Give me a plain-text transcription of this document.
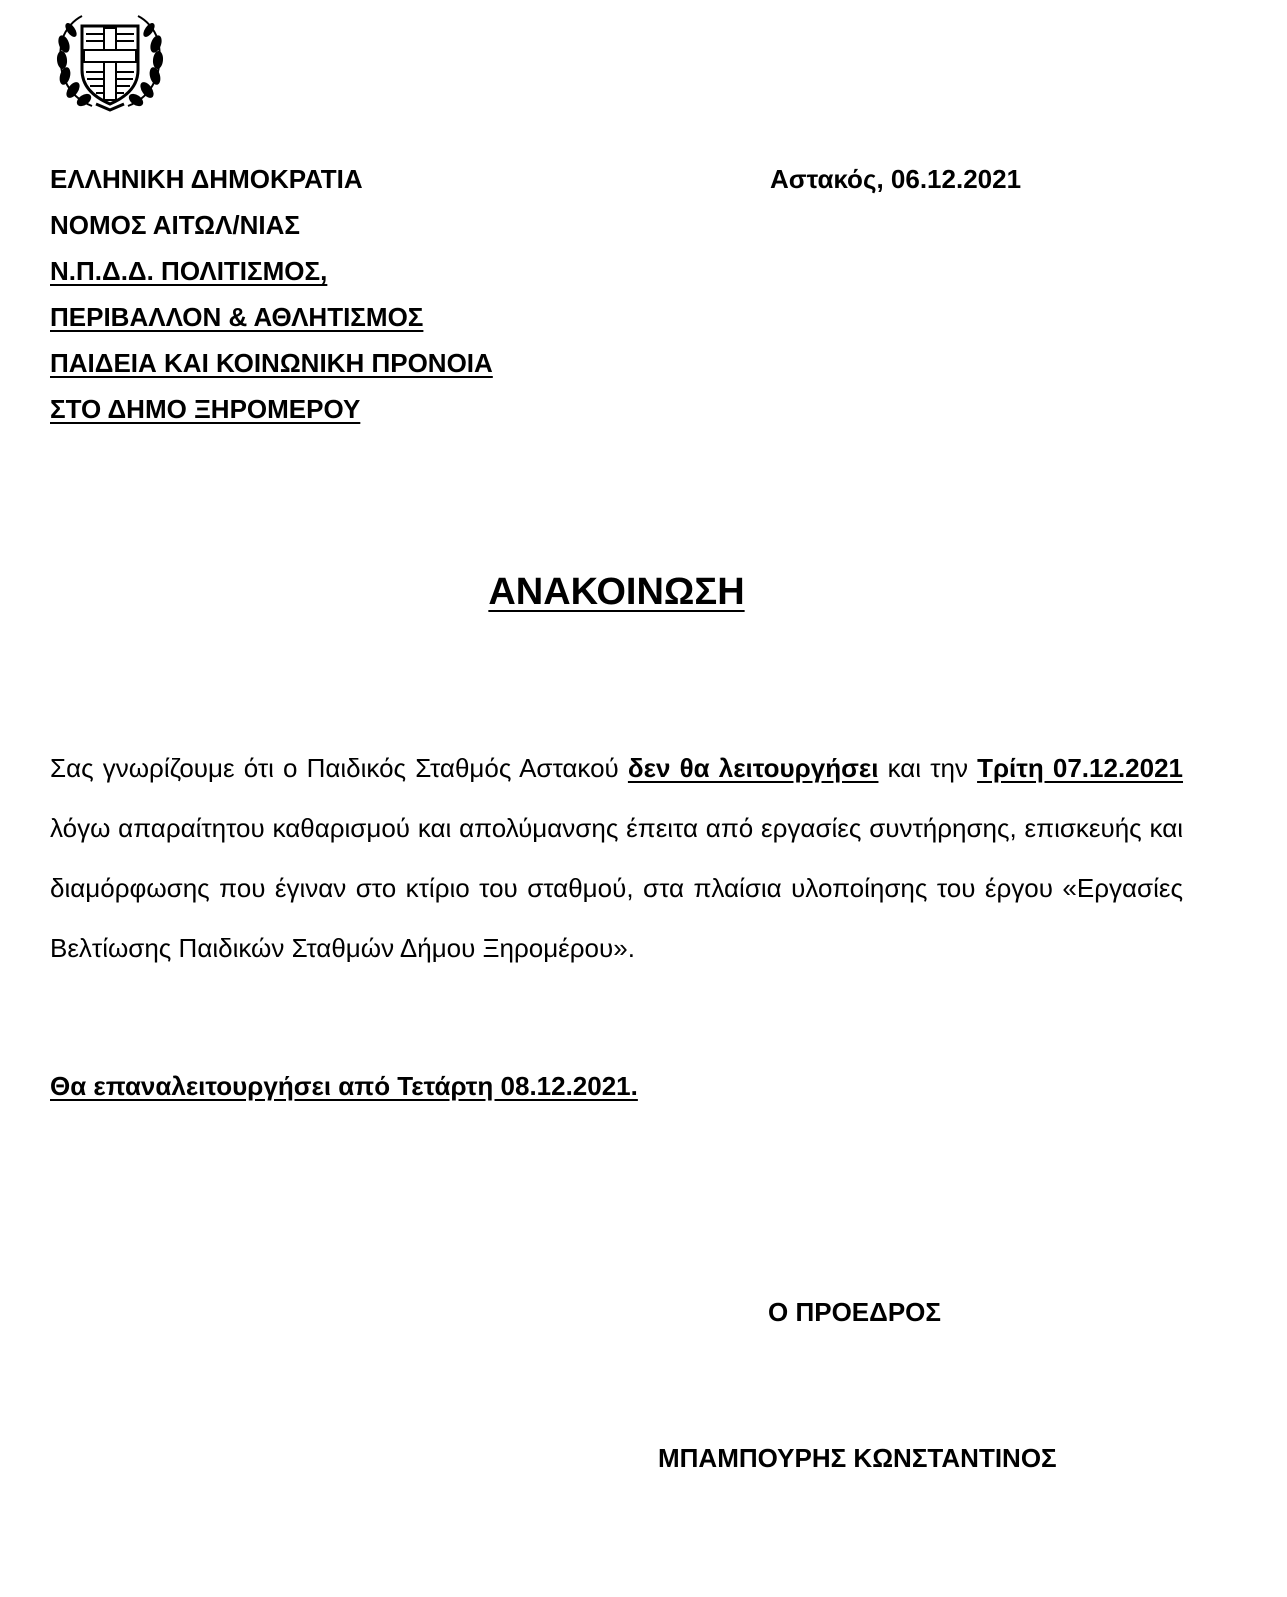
ΕΛΛΗΝΙΚΗ ΔΗΜΟΚΡΑΤΙΑ
ΝΟΜΟΣ ΑΙΤΩΛ/ΝΙΑΣ
Ν.Π.Δ.Δ. ΠΟΛΙΤΙΣΜΟΣ,
ΠΕΡΙΒΑΛΛΟΝ & ΑΘΛΗΤΙΣΜΟΣ
ΠΑΙΔΕΙΑ ΚΑΙ ΚΟΙΝΩΝΙΚΗ ΠΡΟΝΟΙΑ
ΣΤΟ ΔΗΜΟ ΞΗΡΟΜΕΡΟΥ
Αστακός, 06.12.2021
ΑΝΑΚΟΙΝΩΣΗ
Σας γνωρίζουμε ότι ο Παιδικός Σταθμός Αστακού δεν θα λειτουργήσει και την Τρίτη 07.12.2021 λόγω απαραίτητου καθαρισμού και απολύμανσης έπειτα από εργασίες συντήρησης, επισκευής και διαμόρφωσης που έγιναν στο κτίριο του σταθμού, στα πλαίσια υλοποίησης του έργου «Εργασίες Βελτίωσης Παιδικών Σταθμών Δήμου Ξηρομέρου».
Θα επαναλειτουργήσει από Τετάρτη 08.12.2021.
Ο ΠΡΟΕΔΡΟΣ
ΜΠΑΜΠΟΥΡΗΣ ΚΩΝΣΤΑΝΤΙΝΟΣ
